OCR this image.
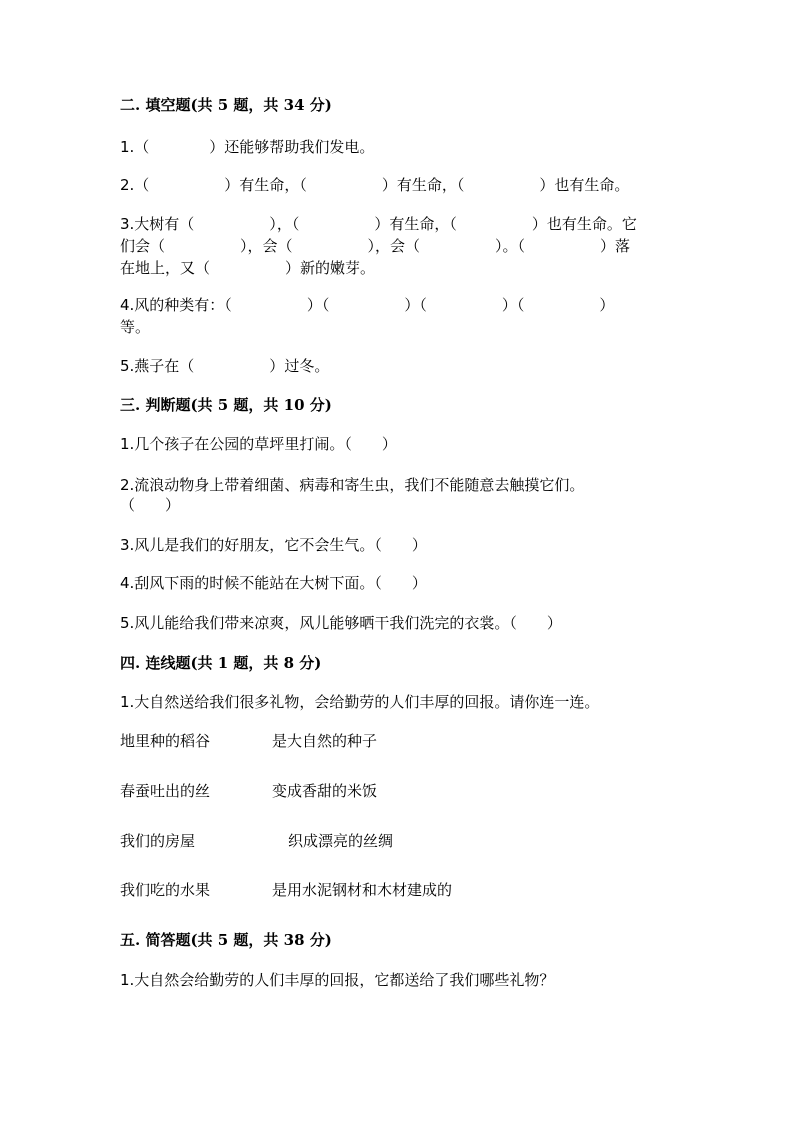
二. 填空题(共 5 题，共 34 分)
1.（　　　　）还能够帮助我们发电。
2.（　　　　　）有生命，（　　　　　）有生命，（　　　　　）也有生命。
3.大树有（　　　　　），（　　　　　）有生命，（　　　　　）也有生命。它
们会（　　　　　），会（　　　　　），会（　　　　　）。（　　　　　）落
在地上，又（　　　　　）新的嫩芽。
4.风的种类有：（　　　　　）（　　　　　）（　　　　　）（　　　　　）
等。
5.燕子在（　　　　　）过冬。
三. 判断题(共 5 题，共 10 分)
1.几个孩子在公园的草坪里打闹。（　　）
2.流浪动物身上带着细菌、病毒和寄生虫，我们不能随意去触摸它们。
（　　）
3.风儿是我们的好朋友，它不会生气。（　　）
4.刮风下雨的时候不能站在大树下面。（　　）
5.风儿能给我们带来凉爽，风儿能够晒干我们洗完的衣裳。（　　）
四. 连线题(共 1 题，共 8 分)
1.大自然送给我们很多礼物，会给勤劳的人们丰厚的回报。请你连一连。
地里种的稻谷	是大自然的种子
春蚕吐出的丝	变成香甜的米饭
我们的房屋	织成漂亮的丝绸
我们吃的水果	是用水泥钢材和木材建成的
五. 简答题(共 5 题，共 38 分)
1.大自然会给勤劳的人们丰厚的回报，它都送给了我们哪些礼物？
